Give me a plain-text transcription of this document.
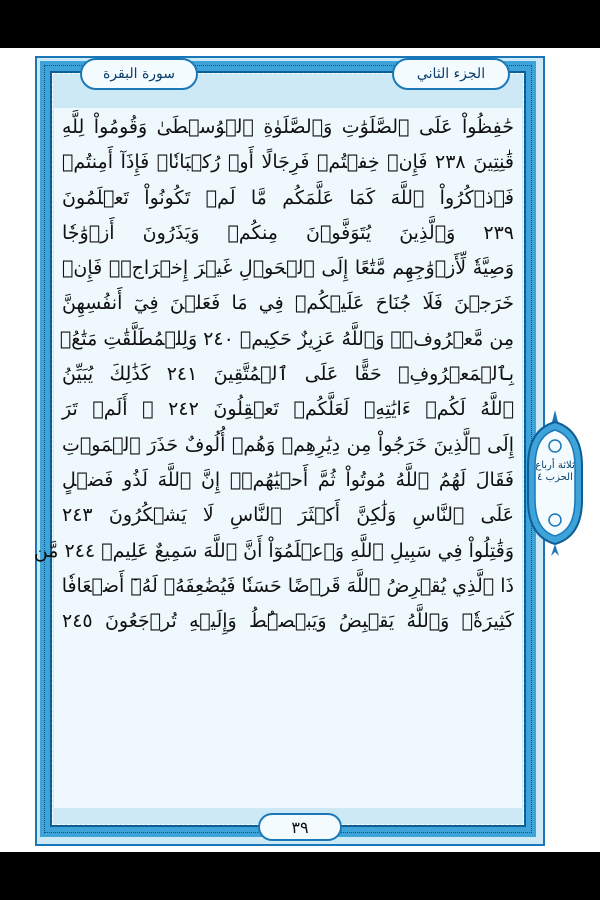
سورة البقرة	الجزء الثاني
حَٰفِظُواْ عَلَى ٱلصَّلَوَٰتِ وَٱلصَّلَوٰةِ ٱلۡوُسۡطَىٰ وَقُومُواْ لِلَّهِ
قَٰنِتِينَ ٢٣٨ فَإِنۡ خِفۡتُمۡ فَرِجَالًا أَوۡ رُكۡبَانٗاۖ فَإِذَآ أَمِنتُمۡ
فَٱذۡكُرُواْ ٱللَّهَ كَمَا عَلَّمَكُم مَّا لَمۡ تَكُونُواْ تَعۡلَمُونَ
٢٣٩ وَٱلَّذِينَ يُتَوَفَّوۡنَ مِنكُمۡ وَيَذَرُونَ أَزۡوَٰجٗا
وَصِيَّةٗ لِّأَزۡوَٰجِهِم مَّتَٰعًا إِلَى ٱلۡحَوۡلِ غَيۡرَ إِخۡرَاجٖۚ فَإِنۡ
خَرَجۡنَ فَلَا جُنَاحَ عَلَيۡكُمۡ فِي مَا فَعَلۡنَ فِيٓ أَنفُسِهِنَّ
مِن مَّعۡرُوفٖۗ وَٱللَّهُ عَزِيزٌ حَكِيمٞ ٢٤٠ وَلِلۡمُطَلَّقَٰتِ مَتَٰعُۢ
بِٱلۡمَعۡرُوفِۖ حَقًّا عَلَى ٱلۡمُتَّقِينَ ٢٤١ كَذَٰلِكَ يُبَيِّنُ
ٱللَّهُ لَكُمۡ ءَايَٰتِهِۦ لَعَلَّكُمۡ تَعۡقِلُونَ ٢٤٢ ۞ أَلَمۡ تَرَ
إِلَى ٱلَّذِينَ خَرَجُواْ مِن دِيَٰرِهِمۡ وَهُمۡ أُلُوفٌ حَذَرَ ٱلۡمَوۡتِ
فَقَالَ لَهُمُ ٱللَّهُ مُوتُواْ ثُمَّ أَحۡيَٰهُمۡۚ إِنَّ ٱللَّهَ لَذُو فَضۡلٍ
عَلَى ٱلنَّاسِ وَلَٰكِنَّ أَكۡثَرَ ٱلنَّاسِ لَا يَشۡكُرُونَ ٢٤٣
وَقَٰتِلُواْ فِي سَبِيلِ ٱللَّهِ وَٱعۡلَمُوٓاْ أَنَّ ٱللَّهَ سَمِيعٌ عَلِيمٞ ٢٤٤ مَّن
ذَا ٱلَّذِي يُقۡرِضُ ٱللَّهَ قَرۡضًا حَسَنٗا فَيُضَٰعِفَهُۥ لَهُۥٓ أَضۡعَافٗا
كَثِيرَةٗۚ وَٱللَّهُ يَقۡبِضُ وَيَبۡصُۜطُ وَإِلَيۡهِ تُرۡجَعُونَ ٢٤٥
ثلاثة أرباع الحزب ٤
٣٩
